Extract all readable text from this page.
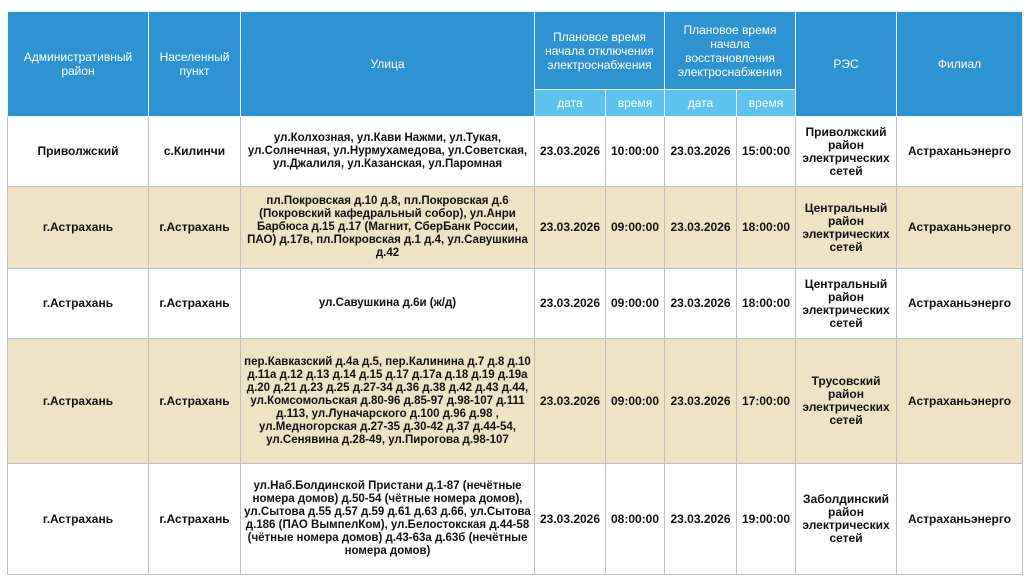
Административный район	Населенный пункт	Улица	Плановое время начала отключения электроснабжения		Плановое время начала восстановления электроснабжения		РЭС	Филиал
			дата	время	дата	время		
Приволжский	с.Килинчи	ул.Колхозная, ул.Кави Нажми, ул.Тукая, ул.Солнечная, ул.Нурмухамедова, ул.Советская, ул.Джалиля, ул.Казанская, ул.Паромная	23.03.2026	10:00:00	23.03.2026	15:00:00	Приволжский район электрических сетей	Астраханьэнерго
г.Астрахань	г.Астрахань	пл.Покровская д.10 д.8, пл.Покровская д.6 (Покровский кафедральный собор), ул.Анри Барбюса д.15 д.17 (Магнит, СберБанк России, ПАО) д.17в, пл.Покровская д.1 д.4, ул.Савушкина д.42	23.03.2026	09:00:00	23.03.2026	18:00:00	Центральный район электрических сетей	Астраханьэнерго
г.Астрахань	г.Астрахань	ул.Савушкина д.6и (ж/д)	23.03.2026	09:00:00	23.03.2026	18:00:00	Центральный район электрических сетей	Астраханьэнерго
г.Астрахань	г.Астрахань	пер.Кавказский д.4а д.5, пер.Калинина д.7 д.8 д.10 д.11а д.12 д.13 д.14 д.15 д.17 д.17а д.18 д.19 д.19а д.20 д.21 д.23 д.25 д.27-34 д.36 д.38 д.42 д.43 д.44, ул.Комсомольская д.80-96 д.85-97 д.98-107 д.111 д.113, ул.Луначарского д.100 д.96 д.98 , ул.Медногорская д.27-35 д.30-42 д.37 д.44-54, ул.Сенявина д.28-49, ул.Пирогова д.98-107	23.03.2026	09:00:00	23.03.2026	17:00:00	Трусовский район электрических сетей	Астраханьэнерго
г.Астрахань	г.Астрахань	ул.Наб.Болдинской Пристани д.1-87 (нечётные номера домов) д.50-54 (чётные номера домов), ул.Сытова д.55 д.57 д.59 д.61 д.63 д.66, ул.Сытова д.186 (ПАО ВымпелКом), ул.Белостокская д.44-58 (чётные номера домов) д.43-63а д.63б (нечётные номера домов)	23.03.2026	08:00:00	23.03.2026	19:00:00	Заболдинский район электрических сетей	Астраханьэнерго
